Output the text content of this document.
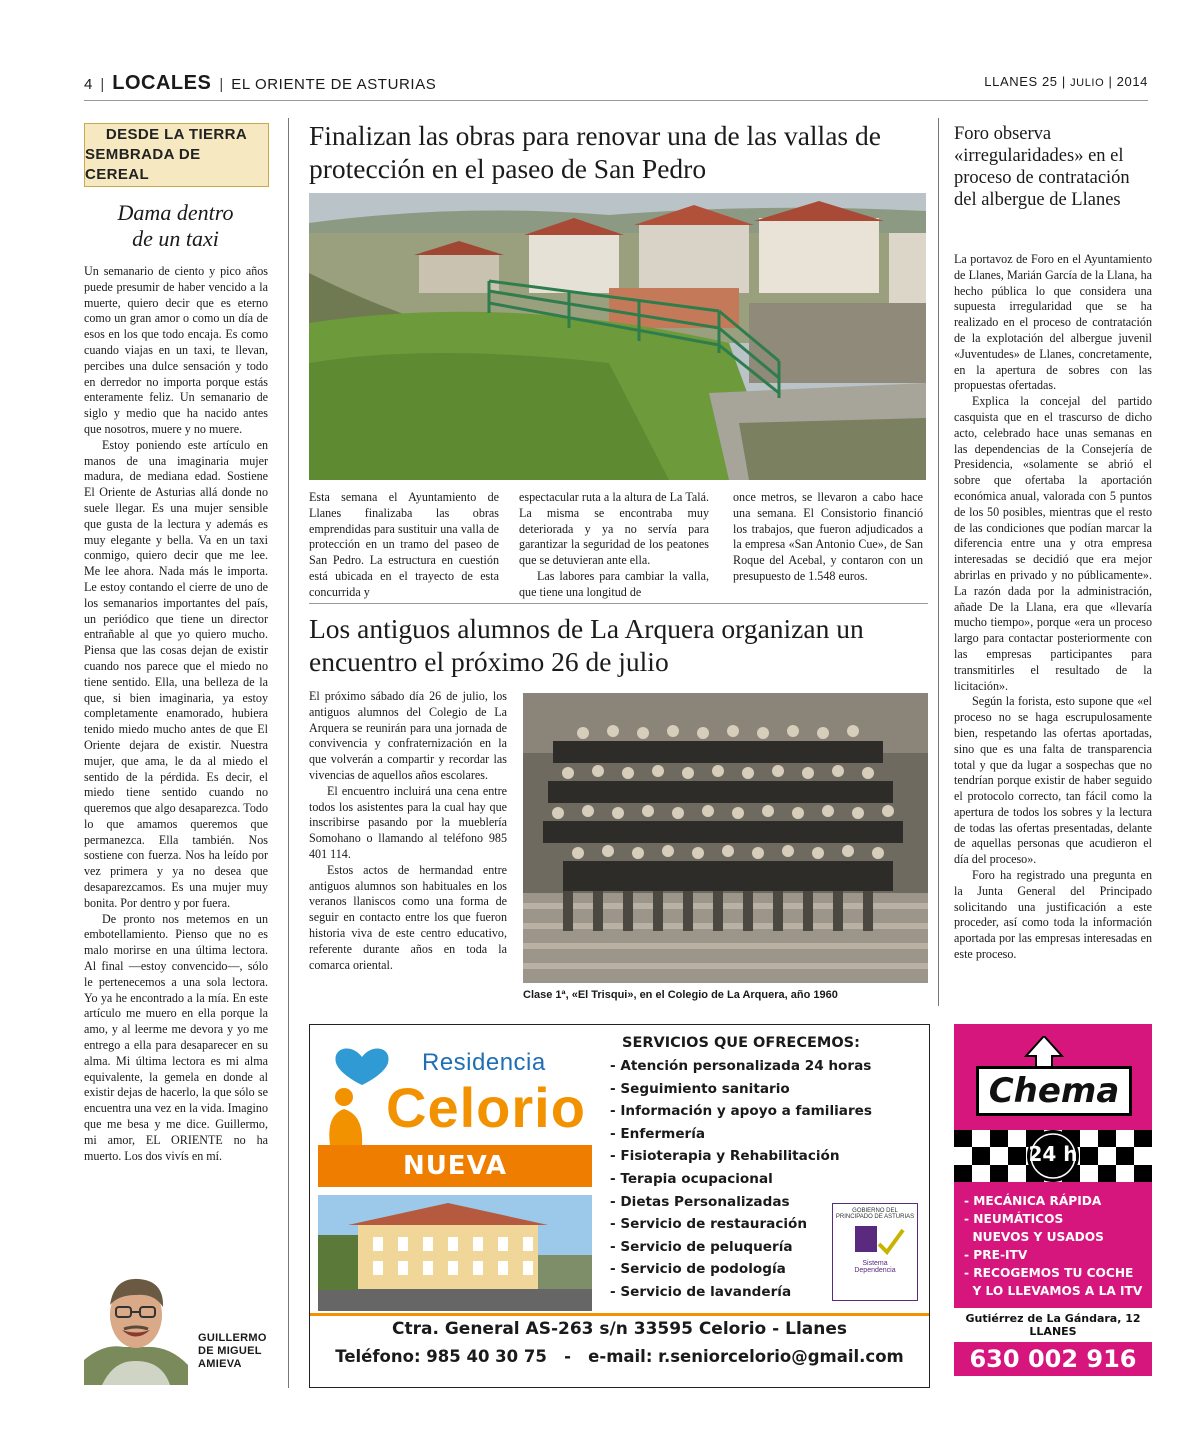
4 | LOCALES | EL ORIENTE DE ASTURIAS	LLANES 25 | JULIO | 2014
DESDE LA TIERRA
SEMBRADA DE CEREAL
Dama dentro
de un taxi

Un semanario de ciento y pico años puede presumir de haber vencido a la muerte, quiero decir que es eterno como un gran amor o como un día de esos en los que todo encaja. Es como cuando viajas en un taxi, te llevan, percibes una dulce sensación y todo en derredor no importa porque estás enteramente feliz. Un semanario de siglo y medio que ha nacido antes que nosotros, muere y no muere.

Estoy poniendo este artículo en manos de una imaginaria mujer madura, de mediana edad. Sostiene El Oriente de Asturias allá donde no suele llegar. Es una mujer sensible que gusta de la lectura y además es muy elegante y bella. Va en un taxi conmigo, quiero decir que me lee. Me lee ahora. Nada más le importa. Le estoy contando el cierre de uno de los semanarios importantes del país, un periódico que tiene un director entrañable al que yo quiero mucho. Piensa que las cosas dejan de existir cuando nos parece que el miedo no tiene sentido. Ella, una belleza de la que, si bien imaginaria, ya estoy completamente enamorado, hubiera tenido miedo mucho antes de que El Oriente dejara de existir. Nuestra mujer, que ama, le da al miedo el sentido de la pérdida. Es decir, el miedo tiene sentido cuando no queremos que algo desaparezca. Todo lo que amamos queremos que permanezca. Ella también. Nos sostiene con fuerza. Nos ha leído por vez primera y ya no desea que desaparezcamos. Es una mujer muy bonita. Por dentro y por fuera.

De pronto nos metemos en un embotellamiento. Pienso que no es malo morirse en una última lectora. Al final —estoy convencido—, sólo le pertenecemos a una sola lectora. Yo ya he encontrado a la mía. En este artículo me muero en ella porque la amo, y al leerme me devora y yo me entrego a ella para desaparecer en su alma. Mi última lectora es mi alma equivalente, la gemela en donde al existir dejas de hacerlo, la que sólo se encuentra una vez en la vida. Imagino que me besa y me dice. Guillermo, mi amor, EL ORIENTE no ha muerto. Los dos vivís en mí.

GUILLERMO
DE MIGUEL
AMIEVA
Finalizan las obras para renovar una de las vallas de protección en el paseo de San Pedro

Esta semana el Ayuntamiento de Llanes finalizaba las obras emprendidas para sustituir una valla de protección en un tramo del paseo de San Pedro. La estructura en cuestión está ubicada en el trayecto de esta concurrida y

espectacular ruta a la altura de La Talá. La misma se encontraba muy deteriorada y ya no servía para garantizar la seguridad de los peatones que se detuvieran ante ella.

Las labores para cambiar la valla, que tiene una longitud de

once metros, se llevaron a cabo hace una semana. El Consistorio financió los trabajos, que fueron adjudicados a la empresa «San Antonio Cue», de San Roque del Acebal, y contaron con un presupuesto de 1.548 euros.

Los antiguos alumnos de La Arquera organizan un encuentro el próximo 26 de julio

El próximo sábado día 26 de julio, los antiguos alumnos del Colegio de La Arquera se reunirán para una jornada de convivencia y confraternización en la que volverán a compartir y recordar las vivencias de aquellos años escolares.

El encuentro incluirá una cena entre todos los asistentes para la cual hay que inscribirse pasando por la mueblería Somohano o llamando al teléfono 985 401 114.

Estos actos de hermandad entre antiguos alumnos son habituales en los veranos llaniscos como una forma de seguir en contacto entre los que fueron historia viva de este centro educativo, referente durante años en toda la comarca oriental.

Clase 1ª, «El Trisqui», en el Colegio de La Arquera, año 1960
Foro observa «irregularidades» en el proceso de contratación del albergue de Llanes

La portavoz de Foro en el Ayuntamiento de Llanes, Marián García de la Llana, ha hecho pública lo que considera una supuesta irregularidad que se ha realizado en el proceso de contratación de la explotación del albergue juvenil «Juventudes» de Llanes, concretamente, en la apertura de sobres con las propuestas ofertadas.

Explica la concejal del partido casquista que en el trascurso de dicho acto, celebrado hace unas semanas en las dependencias de la Consejería de Presidencia, «solamente se abrió el sobre que ofertaba la aportación económica anual, valorada con 5 puntos de los 50 posibles, mientras que el resto de las condiciones que podían marcar la diferencia entre una y otra empresa interesadas se decidió que era mejor abrirlas en privado y no públicamente». La razón dada por la administración, añade De la Llana, era que «llevaría mucho tiempo», porque «era un proceso largo para contactar posteriormente con las empresas participantes para transmitirles el resultado de la licitación».

Según la forista, esto supone que «el proceso no se haga escrupulosamente bien, respetando las ofertas aportadas, sino que es una falta de transparencia total y que da lugar a sospechas que no tendrían porque existir de haber seguido el protocolo correcto, tan fácil como la apertura de todos los sobres y la lectura de todas las ofertas presentadas, delante de aquellas personas que acudieron el día del proceso».

Foro ha registrado una pregunta en la Junta General del Principado solicitando una justificación a este proceder, así como toda la información aportada por las empresas interesadas en este proceso.

Residencia
Celorio
NUEVA
SERVICIOS QUE OFRECEMOS:
- Atención personalizada 24 horas
- Seguimiento sanitario
- Información y apoyo a familiares
- Enfermería
- Fisioterapia y Rehabilitación
- Terapia ocupacional
- Dietas Personalizadas
- Servicio de restauración
- Servicio de peluquería
- Servicio de podología
- Servicio de lavandería
GOBIERNO DEL
PRINCIPADO DE ASTURIAS
Sistema
Dependencia
Ctra. General AS-263 s/n 33595 Celorio - Llanes
Teléfono: 985 40 30 75   -   e-mail: r.seniorcelorio@gmail.com
Chema
24 h
- MECÁNICA RÁPIDA
- NEUMÁTICOS
NUEVOS Y USADOS
- PRE-ITV
- RECOGEMOS TU COCHE
Y LO LLEVAMOS A LA ITV
Gutiérrez de La Gándara, 12
LLANES
630 002 916
